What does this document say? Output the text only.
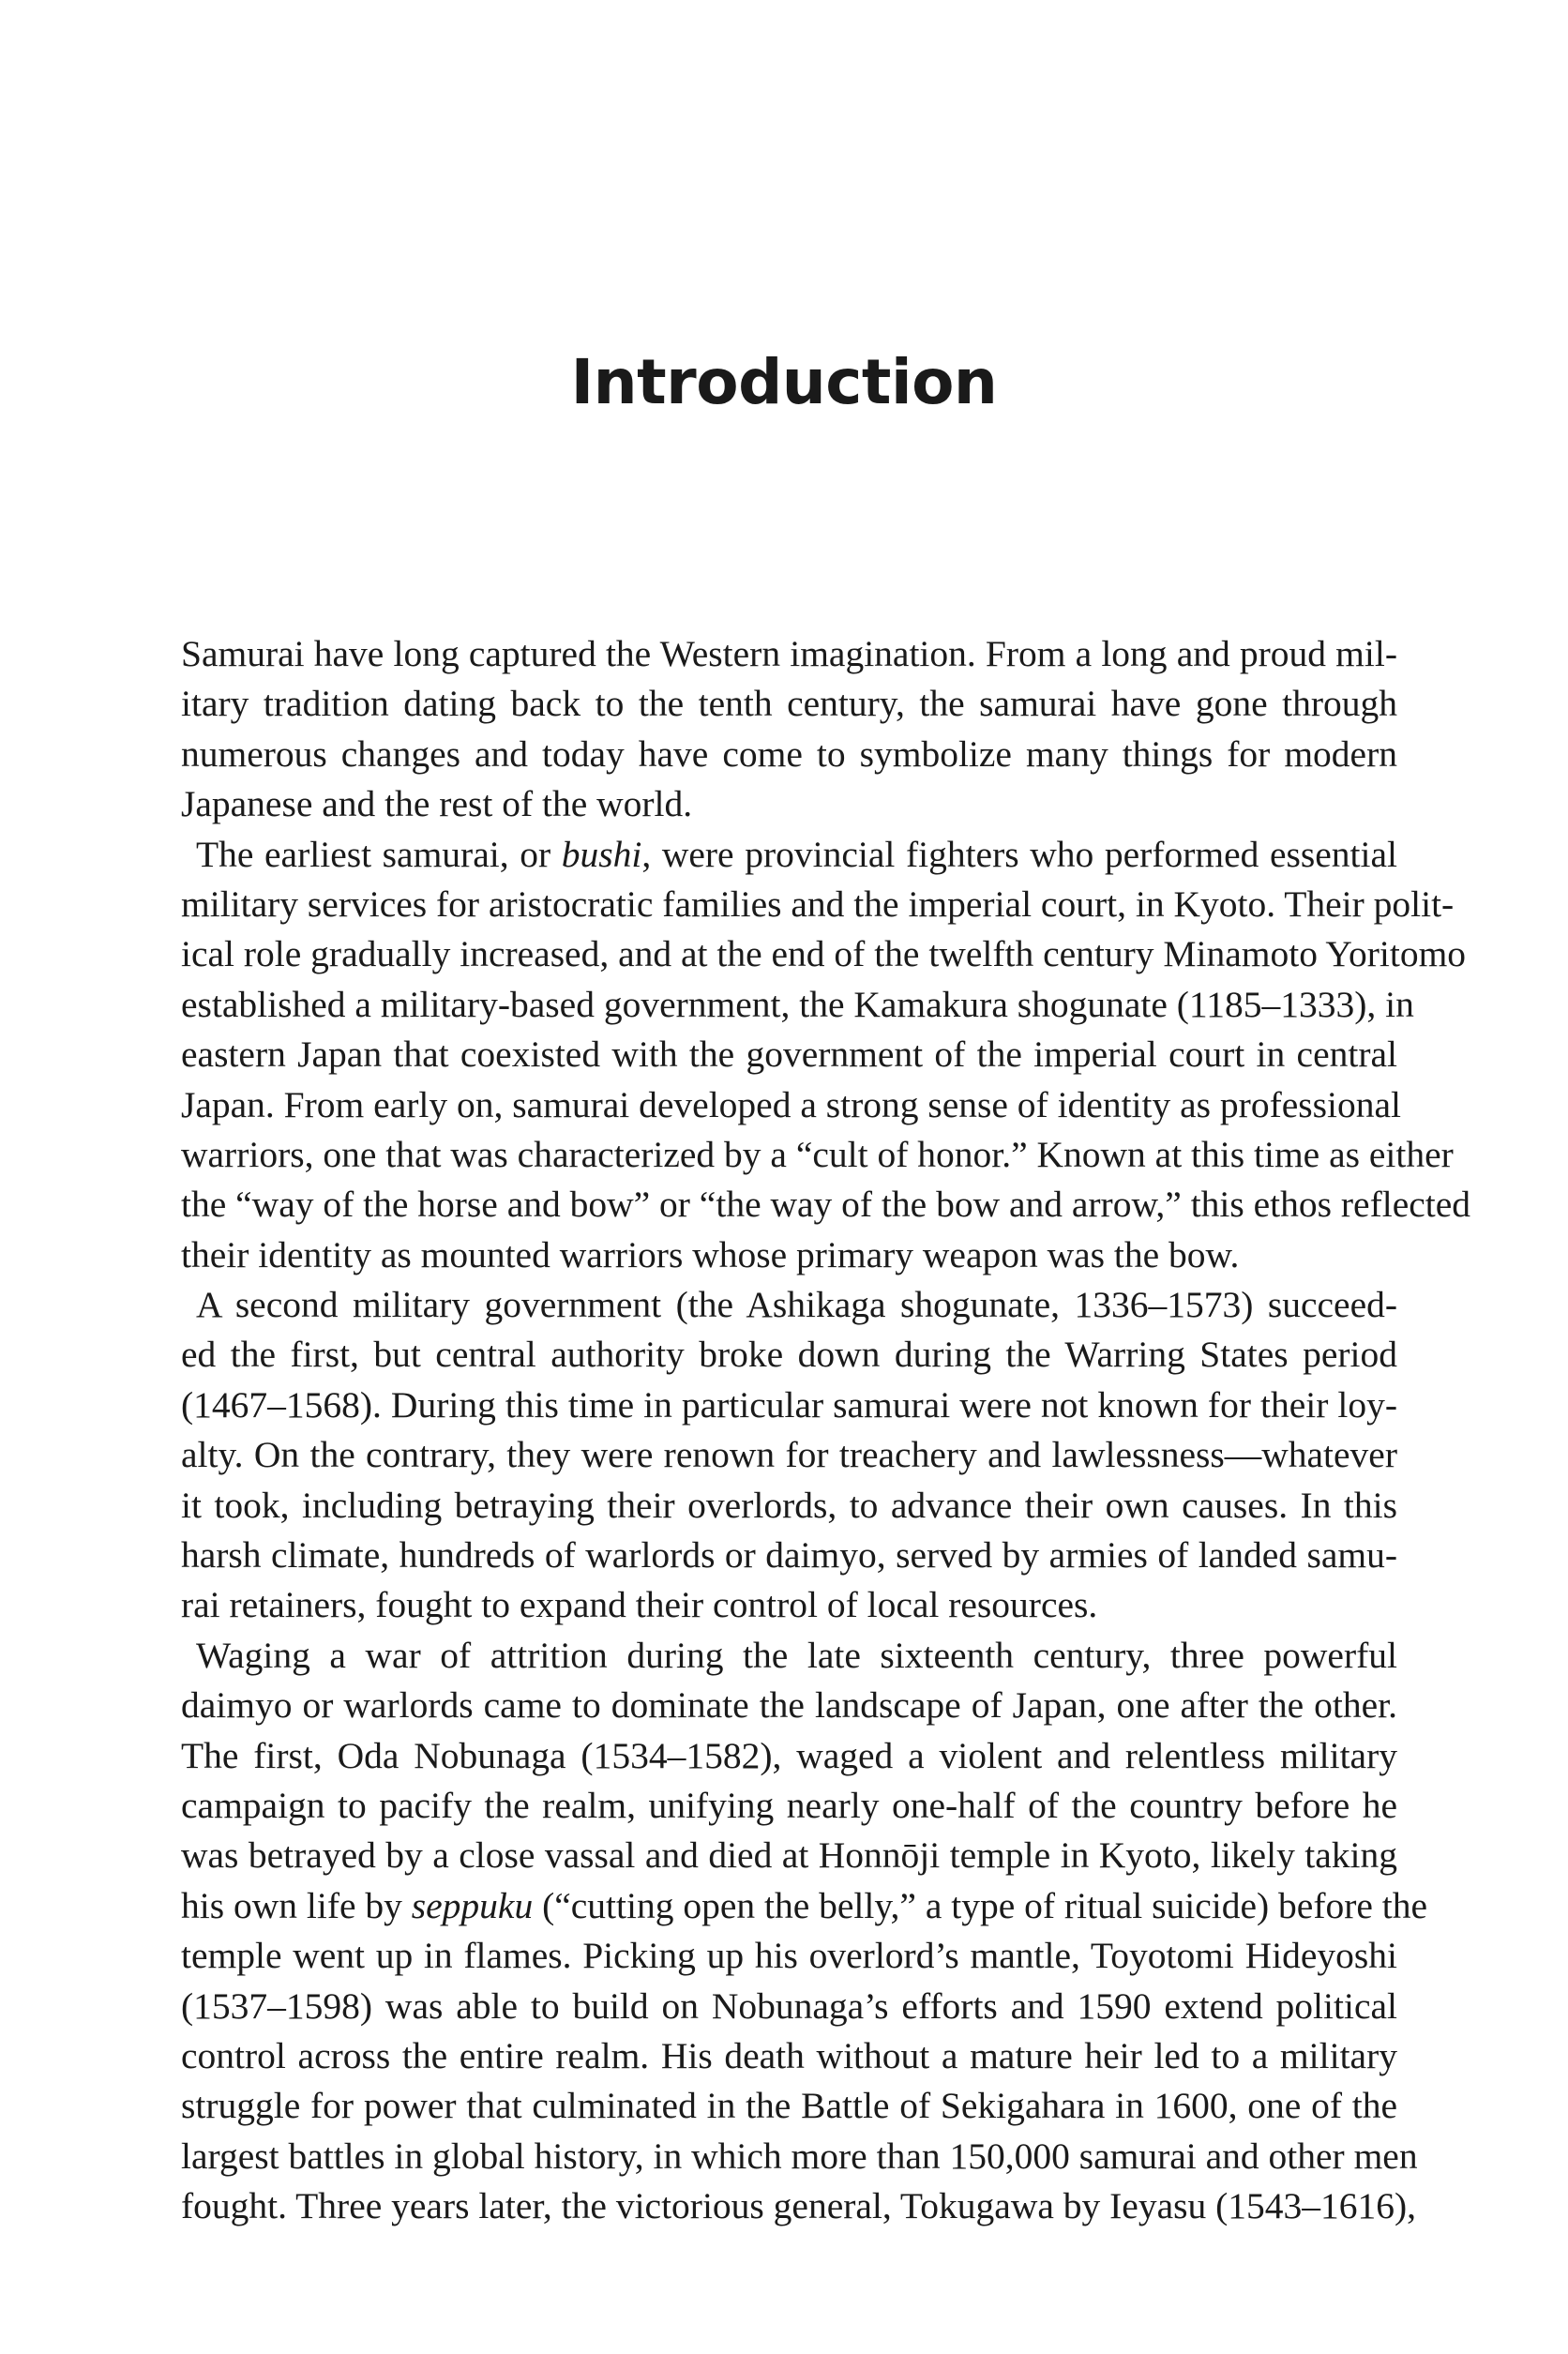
Introduction
Samurai have long captured the Western imagination. From a long and proud mil-
itary tradition dating back to the tenth century, the samurai have gone through
numerous changes and today have come to symbolize many things for modern
Japanese and the rest of the world.
The earliest samurai, or bushi, were provincial fighters who performed essential
military services for aristocratic families and the imperial court, in Kyoto. Their polit-
ical role gradually increased, and at the end of the twelfth century Minamoto Yoritomo
established a military-based government, the Kamakura shogunate (1185–1333), in
eastern Japan that coexisted with the government of the imperial court in central
Japan. From early on, samurai developed a strong sense of identity as professional
warriors, one that was characterized by a “cult of honor.” Known at this time as either
the “way of the horse and bow” or “the way of the bow and arrow,” this ethos reflected
their identity as mounted warriors whose primary weapon was the bow.
A second military government (the Ashikaga shogunate, 1336–1573) succeed-
ed the first, but central authority broke down during the Warring States period
(1467–1568). During this time in particular samurai were not known for their loy-
alty. On the contrary, they were renown for treachery and lawlessness—whatever
it took, including betraying their overlords, to advance their own causes. In this
harsh climate, hundreds of warlords or daimyo, served by armies of landed samu-
rai retainers, fought to expand their control of local resources.
Waging a war of attrition during the late sixteenth century, three powerful
daimyo or warlords came to dominate the landscape of Japan, one after the other.
The first, Oda Nobunaga (1534–1582), waged a violent and relentless military
campaign to pacify the realm, unifying nearly one-half of the country before he
was betrayed by a close vassal and died at Honnōji temple in Kyoto, likely taking
his own life by seppuku (“cutting open the belly,” a type of ritual suicide) before the
temple went up in flames. Picking up his overlord’s mantle, Toyotomi Hideyoshi
(1537–1598) was able to build on Nobunaga’s efforts and 1590 extend political
control across the entire realm. His death without a mature heir led to a military
struggle for power that culminated in the Battle of Sekigahara in 1600, one of the
largest battles in global history, in which more than 150,000 samurai and other men
fought. Three years later, the victorious general, Tokugawa by Ieyasu (1543–1616),
